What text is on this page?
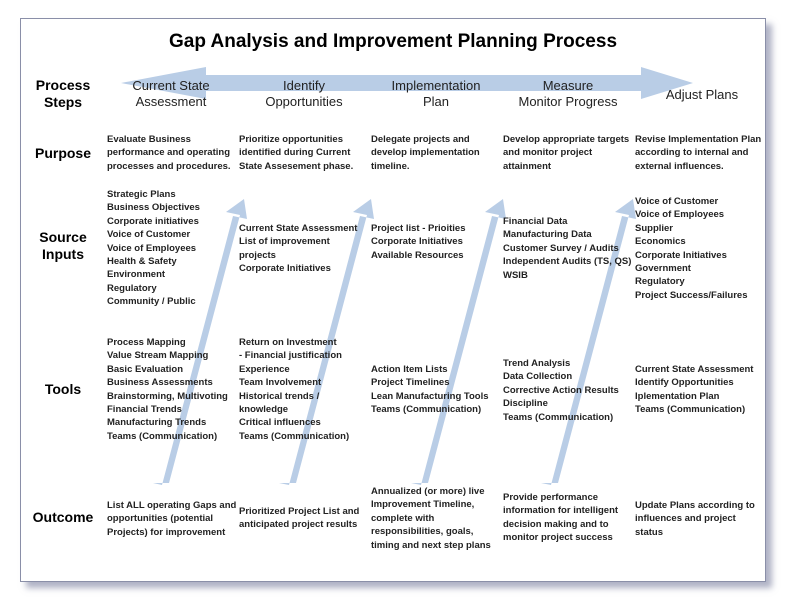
Gap Analysis and Improvement Planning Process
Process
Steps
Purpose
Source
Inputs
Tools
Outcome
Current State
Assessment
Identify
Opportunities
Implementation
Plan
Measure
Monitor Progress	Adjust Plans
Evaluate Business
performance and operating
processes and procedures.
Prioritize opportunities
identified during Current
State Assesement phase.
Delegate projects and
develop implementation
timeline.
Develop appropriate targets
and monitor project
attainment
Revise Implementation Plan
according to internal and
external influences.
Strategic Plans
Business Objectives
Corporate initiatives
Voice of Customer
Voice of Employees
Health & Safety
Environment
Regulatory
Community / Public
Current State Assessment
List of improvement
projects
Corporate Initiatives
Project list - Prioities
Corporate Initiatives
Available Resources
Financial Data
Manufacturing Data
Customer Survey / Audits
Independent Audits (TS, QS)
WSIB
Voice of Customer
Voice of Employees
Supplier
Economics
Corporate Initiatives
Government
Regulatory
Project Success/Failures
Process Mapping
Value Stream Mapping
Basic Evaluation
Business Assessments
Brainstorming, Multivoting
Financial Trends
Manufacturing Trends
Teams (Communication)
Return on Investment
- Financial justification
Experience
Team Involvement
Historical trends /
knowledge
Critical influences
Teams (Communication)
Action Item Lists
Project Timelines
Lean Manufacturing Tools
Teams (Communication)
Trend Analysis
Data Collection
Corrective Action Results
Discipline
Teams (Communication)
Current State Assessment
Identify Opportunities
Iplementation Plan
Teams (Communication)
List ALL operating Gaps and
opportunities (potential
Projects) for improvement
Prioritized Project List and
anticipated project results
Annualized (or more) live
Improvement Timeline,
complete with
responsibilities, goals,
timing and next step plans
Provide performance
information for intelligent
decision making and to
monitor project success
Update Plans according to
influences and project
status
